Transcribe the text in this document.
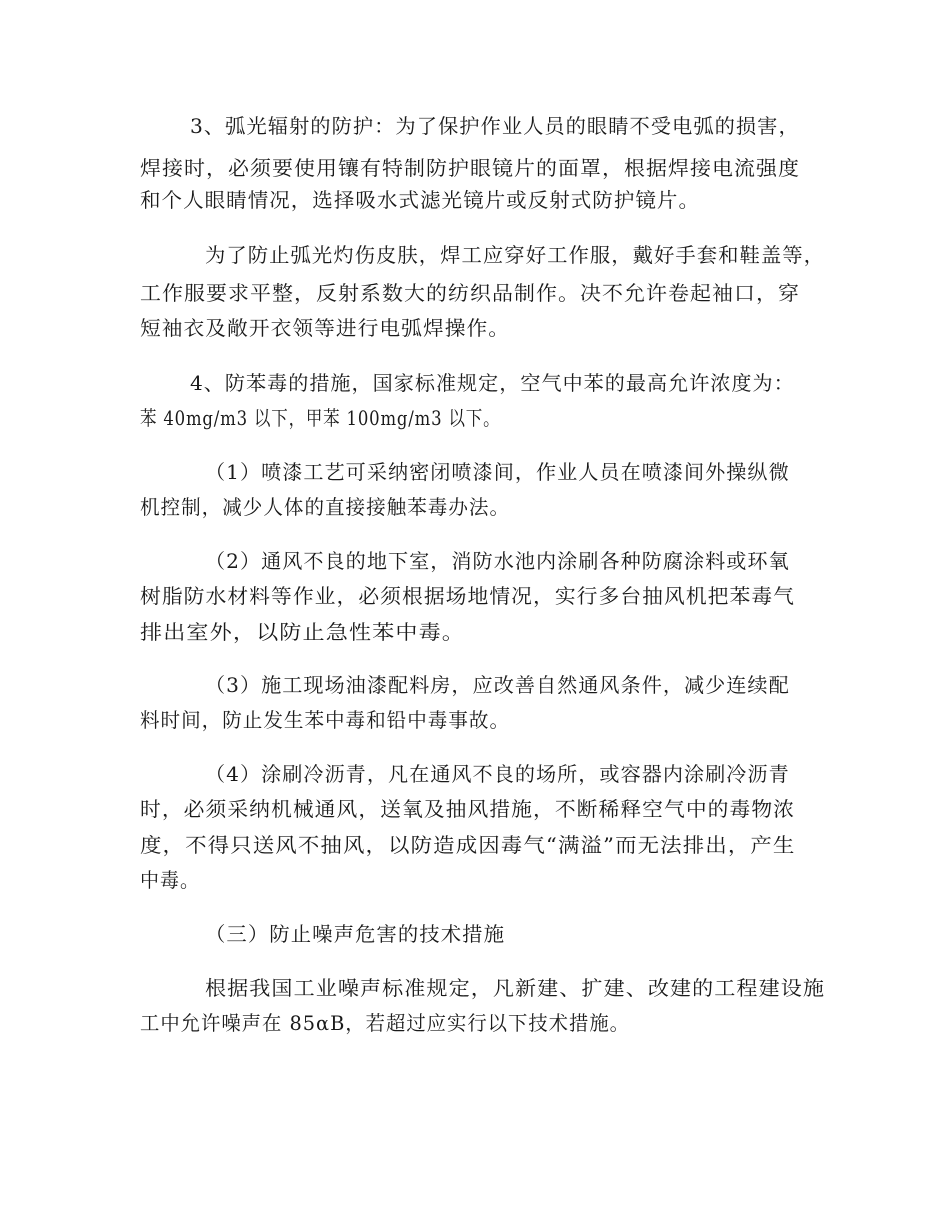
3、弧光辐射的防护：为了保护作业人员的眼睛不受电弧的损害，
焊接时，必须要使用镶有特制防护眼镜片的面罩，根据焊接电流强度
和个人眼睛情况，选择吸水式滤光镜片或反射式防护镜片。
为了防止弧光灼伤皮肤，焊工应穿好工作服，戴好手套和鞋盖等，
工作服要求平整，反射系数大的纺织品制作。决不允许卷起袖口，穿
短袖衣及敞开衣领等进行电弧焊操作。
4、防苯毒的措施，国家标准规定，空气中苯的最高允许浓度为：
苯 40mg/m3 以下，甲苯 100mg/m3 以下。
（1）喷漆工艺可采纳密闭喷漆间，作业人员在喷漆间外操纵微
机控制，减少人体的直接接触苯毒办法。
（2）通风不良的地下室，消防水池内涂刷各种防腐涂料或环氧
树脂防水材料等作业，必须根据场地情况，实行多台抽风机把苯毒气
排出室外，以防止急性苯中毒。
（3）施工现场油漆配料房，应改善自然通风条件，减少连续配
料时间，防止发生苯中毒和铅中毒事故。
（4）涂刷冷沥青，凡在通风不良的场所，或容器内涂刷冷沥青
时，必须采纳机械通风，送氧及抽风措施，不断稀释空气中的毒物浓
度，不得只送风不抽风，以防造成因毒气“满溢”而无法排出，产生
中毒。
（三）防止噪声危害的技术措施
根据我国工业噪声标准规定，凡新建、扩建、改建的工程建设施
工中允许噪声在 85αB，若超过应实行以下技术措施。
